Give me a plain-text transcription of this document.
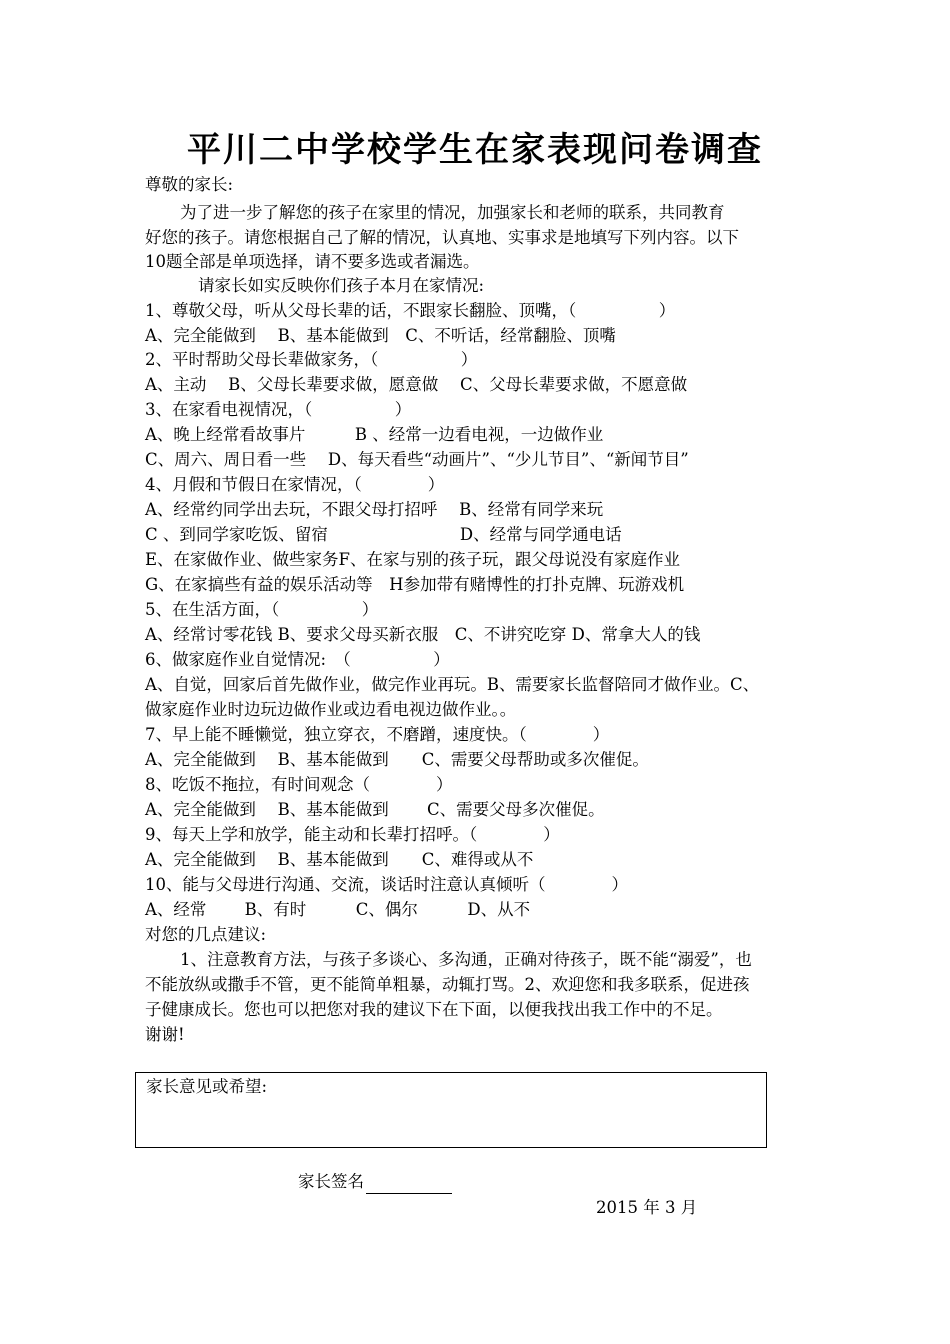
平川二中学校学生在家表现问卷调查
尊敬的家长:
为了进一步了解您的孩子在家里的情况，加强家长和老师的联系，共同教育
好您的孩子。请您根据自己了解的情况，认真地、实事求是地填写下列内容。以下
10题全部是单项选择，请不要多选或者漏选。
请家长如实反映你们孩子本月在家情况:
1、尊敬父母，听从父母长辈的话，不跟家长翻脸、顶嘴，（　　　　　）
A、完全能做到　 B、基本能做到　C、不听话，经常翻脸、顶嘴
2、平时帮助父母长辈做家务，（　　　　　）
A、主动　 B、父母长辈要求做，愿意做　 C、父母长辈要求做，不愿意做
3、在家看电视情况，（　　　　　）
A、晚上经常看故事片　　　B 、经常一边看电视，一边做作业
C、周六、周日看一些　 D、每天看些“动画片”、“少儿节目”、“新闻节目”
4、月假和节假日在家情况，（　　　　）
A、经常约同学出去玩，不跟父母打招呼　 B、经常有同学来玩
C 、到同学家吃饭、留宿　　　　　　　　D、经常与同学通电话
E、在家做作业、做些家务F、在家与别的孩子玩，跟父母说没有家庭作业
G、在家搞些有益的娱乐活动等　H参加带有赌博性的打扑克牌、玩游戏机
5、在生活方面，（　　　　　）
A、经常讨零花钱 B、要求父母买新衣服　C、不讲究吃穿 D、常拿大人的钱
6、做家庭作业自觉情况:　（　　　　　）
A、自觉，回家后首先做作业，做完作业再玩。B、需要家长监督陪同才做作业。C、
做家庭作业时边玩边做作业或边看电视边做作业。。
7、早上能不睡懒觉，独立穿衣，不磨蹭，速度快。（　　　　）
A、完全能做到　 B、基本能做到　　C、需要父母帮助或多次催促。
8、吃饭不拖拉，有时间观念（　　　　）
A、完全能做到　 B、基本能做到　　 C、需要父母多次催促。
9、每天上学和放学，能主动和长辈打招呼。（　　　　）
A、完全能做到　 B、基本能做到　　C、难得或从不
10、能与父母进行沟通、交流，谈话时注意认真倾听（　　　　）
A、经常　　 B、有时　　　C、偶尔　　　D、从不
对您的几点建议:
1、注意教育方法，与孩子多谈心、多沟通，正确对待孩子，既不能“溺爱”，也
不能放纵或撒手不管，更不能简单粗暴，动辄打骂。2、欢迎您和我多联系，促进孩
子健康成长。您也可以把您对我的建议下在下面，以便我找出我工作中的不足。
谢谢!
家长意见或希望:
家长签名
2015 年 3 月
